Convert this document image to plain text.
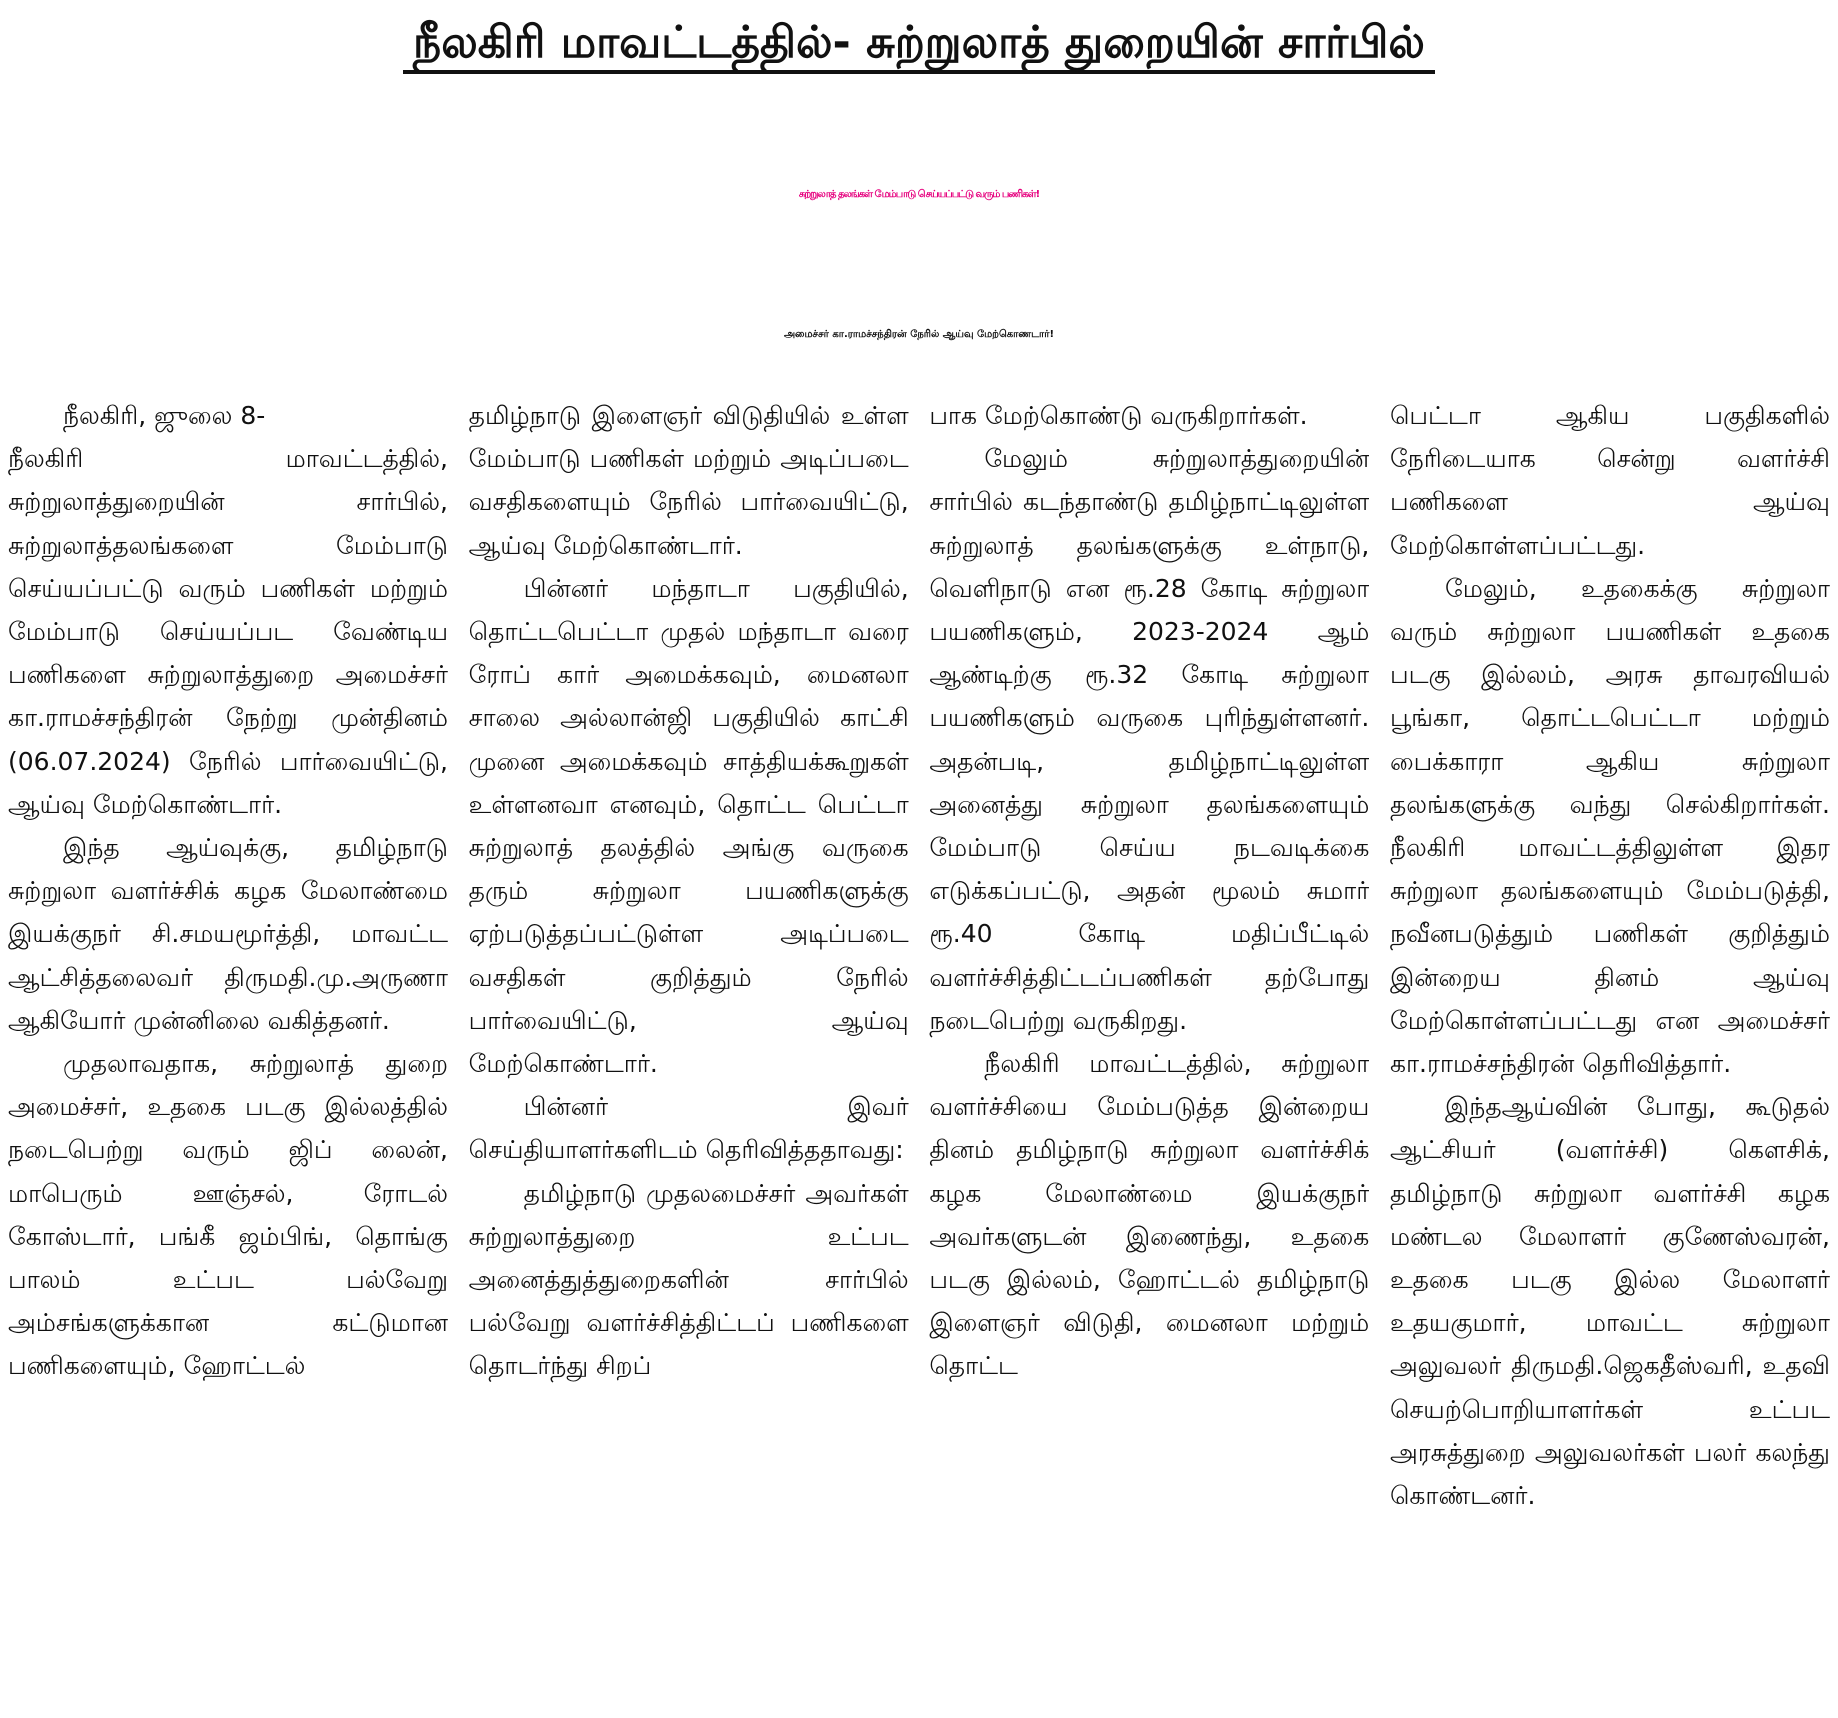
நீலகிரி மாவட்டத்தில்- சுற்றுலாத் துறையின் சார்பில்
சுற்றுலாத் தலங்கள் மேம்பாடு செய்யப்பட்டு வரும் பணிகள்!
அமைச்சர் கா.ராமச்சந்திரன் நேரில் ஆய்வு மேற்கொணடார்!

நீலகிரி, ஜுலை 8-

நீலகிரி மாவட்டத்தில், சுற்றுலாத்துறையின் சார்பில், சுற்றுலாத்தலங்களை மேம்பாடு செய்யப்பட்டு வரும் பணிகள் மற்றும் மேம்பாடு செய்யப்பட வேண்டிய பணிகளை சுற்றுலாத்துறை அமைச்சர் கா.ராமச்சந்திரன் நேற்று முன்தினம் (06.07.2024) நேரில் பார்வையிட்டு, ஆய்வு மேற்கொண்டார்.

இந்த ஆய்வுக்கு, தமிழ்நாடு சுற்றுலா வளர்ச்சிக் கழக மேலாண்மை இயக்குநர் சி.சமயமூர்த்தி, மாவட்ட ஆட்சித்தலைவர் திருமதி.மு.அருணா ஆகியோர் முன்னிலை வகித்தனர்.

முதலாவதாக, சுற்றுலாத் துறை அமைச்சர், உதகை படகு இல்லத்தில் நடைபெற்று வரும் ஜிப் லைன், மாபெரும் ஊஞ்சல், ரோடல் கோஸ்டார், பங்கீ ஜம்பிங், தொங்கு பாலம் உட்பட பல்வேறு அம்சங்களுக்கான கட்டுமான பணிகளையும், ஹோட்டல்

தமிழ்நாடு இளைஞர் விடுதியில் உள்ள மேம்பாடு பணிகள் மற்றும் அடிப்படை வசதிகளையும் நேரில் பார்வையிட்டு, ஆய்வு மேற்கொண்டார்.

பின்னர் மந்தாடா பகுதியில், தொட்டபெட்டா முதல் மந்தாடா வரை ரோப் கார் அமைக்கவும், மைனலா சாலை அல்லான்ஜி பகுதியில் காட்சி முனை அமைக்கவும் சாத்தியக்கூறுகள் உள்ளனவா எனவும், தொட்ட பெட்டா சுற்றுலாத் தலத்தில் அங்கு வருகை தரும் சுற்றுலா பயணிகளுக்கு ஏற்படுத்தப்பட்டுள்ள அடிப்படை வசதிகள் குறித்தும் நேரில் பார்வையிட்டு, ஆய்வு மேற்கொண்டார்.

பின்னர் இவர் செய்தியாளர்களிடம் தெரிவித்ததாவது:

தமிழ்நாடு முதலமைச்சர் அவர்கள் சுற்றுலாத்துறை உட்பட அனைத்துத்துறைகளின் சார்பில் பல்வேறு வளர்ச்சித்திட்டப் பணிகளை தொடர்ந்து சிறப்

பாக மேற்கொண்டு வருகிறார்கள்.

மேலும் சுற்றுலாத்துறையின் சார்பில் கடந்தாண்டு தமிழ்நாட்டிலுள்ள சுற்றுலாத் தலங்களுக்கு உள்நாடு, வெளிநாடு என ரூ.28 கோடி சுற்றுலா பயணிகளும், 2023-2024 ஆம் ஆண்டிற்கு ரூ.32 கோடி சுற்றுலா பயணிகளும் வருகை புரிந்துள்ளனர். அதன்படி, தமிழ்நாட்டிலுள்ள அனைத்து சுற்றுலா தலங்களையும் மேம்பாடு செய்ய நடவடிக்கை எடுக்கப்பட்டு, அதன் மூலம் சுமார் ரூ.40 கோடி மதிப்பீட்டில் வளர்ச்சித்திட்டப்பணிகள் தற்போது நடைபெற்று வருகிறது.

நீலகிரி மாவட்டத்தில், சுற்றுலா வளர்ச்சியை மேம்படுத்த இன்றைய தினம் தமிழ்நாடு சுற்றுலா வளர்ச்சிக் கழக மேலாண்மை இயக்குநர் அவர்களுடன் இணைந்து, உதகை படகு இல்லம், ஹோட்டல் தமிழ்நாடு இளைஞர் விடுதி, மைனலா மற்றும் தொட்ட

பெட்டா ஆகிய பகுதிகளில் நேரிடையாக சென்று வளர்ச்சி பணிகளை ஆய்வு மேற்கொள்ளப்பட்டது.

மேலும், உதகைக்கு சுற்றுலா வரும் சுற்றுலா பயணிகள் உதகை படகு இல்லம், அரசு தாவரவியல் பூங்கா, தொட்டபெட்டா மற்றும் பைக்காரா ஆகிய சுற்றுலா தலங்களுக்கு வந்து செல்கிறார்கள். நீலகிரி மாவட்டத்திலுள்ள இதர சுற்றுலா தலங்களையும் மேம்படுத்தி, நவீனபடுத்தும் பணிகள் குறித்தும் இன்றைய தினம் ஆய்வு மேற்கொள்ளப்பட்டது என அமைச்சர் கா.ராமச்சந்திரன் தெரிவித்தார்.

இந்தஆய்வின் போது, கூடுதல் ஆட்சியர் (வளர்ச்சி) கௌசிக், தமிழ்நாடு சுற்றுலா வளர்ச்சி கழக மண்டல மேலாளர் குணேஸ்வரன், உதகை படகு இல்ல மேலாளர் உதயகுமார், மாவட்ட சுற்றுலா அலுவலர் திருமதி.ஜெகதீஸ்வரி, உதவி செயற்பொறியாளர்கள் உட்பட அரசுத்துறை அலுவலர்கள் பலர் கலந்து கொண்டனர்.
